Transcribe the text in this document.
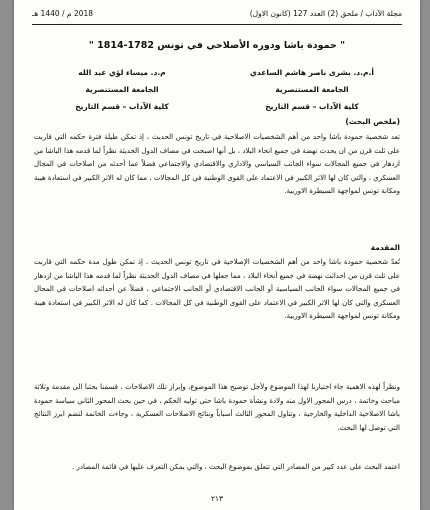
مجلة الآداب / ملحق (2) العدد 127 (كانون الاول)
2018 م / 1440 هـ
" حمودة باشا ودوره الأصلاحي في تونس 1782-1814 "
أ.م.د. بشرى ناصر هاشم الساعدي
الجامعة المستنصرية
كلية الآداب – قسم التاريخ
م.د. ميساء لؤي عبد الله
الجامعة المستنصرية
كلية الآداب – قسم التاريخ
(ملخص البحث)

تعد شخصية حمودة باشا واحد من أهم الشخصيات الاصلاحية في تاريخ تونس الحديث ، إذ تمكن طيلة فترة حكمه التي قاربت على ثلث قرن من ان يحدث نهضة في جميع انحاء البلاد ، بل أنها اصبحت في مصاف الدول الحديثة نظراً لما قدمه هذا الباشا من ازدهار في جميع المجالات سواء الجانب السياسي والاداري والاقتصادي والاجتماعي فضلاً عما أحدثه من اصلاحات في المجال العسكري ، والتي كان لها الاثر الكبير في الاعتماد على القوى الوطنية في كل المجالات ، مما كان له الاثر الكبير في استعادة هيبة ومكانة تونس لمواجهة السيطرة الاوربية.

المقدمة

تُعدّ شخصية حمودة باشا واحد من أهم الشخصيات الإصلاحية في تاريخ تونس الحديث ، إذ تمكن طول مدة حكمه التي قاربت على ثلث قرن من احداثث نهضة في جميع أنحاء البلاد ، مما جعلها في مصاف الدول الحديثة نظراً لما قدمه هذا الباشا من ازدهار في جميع المجالات سواء الجانب السياسية أو الجانب الاقتصادي أو الجانب الاجتماعي ، فضلاً عن أحداثه اصلاحات في المجال العسكري والتي كان لها الاثر الكبير في الاعتماد على القوى الوطنية في كل المجالات . كما كان له الاثر الكبير في استعادة هيبة ومكانة تونس لمواجهة السيطرة الاوربية.

ونظراً لهذه الاهمية جاء اختيارنا لهذا الموضوع ولأجل توضيح هذا الموضوع، وإبراز تلك الاصلاحات ، قسمنا بحثنا الى مقدمة وثلاثة مباحث وخاتمة ، درس المحور الاول منه ولادة ونشأة حمودة باشا حتى توليه الحكم ، في حين بحث المحور الثاني سياسة حمودة باشا الاصلاحية الداخلية والخارجية ، وتناول المحور الثالث أسباباً ونتائج الاصلاحات العسكرية ، وجاءت الخاتمة لتضم ابرز النتائج التي توصل لها البحث.

اعتمد البحث على عدد كبير من المصادر التي تتعلق بموضوع البحث ، والتي يمكن التعرف عليها في قائمة المصادر .

٢١٣
